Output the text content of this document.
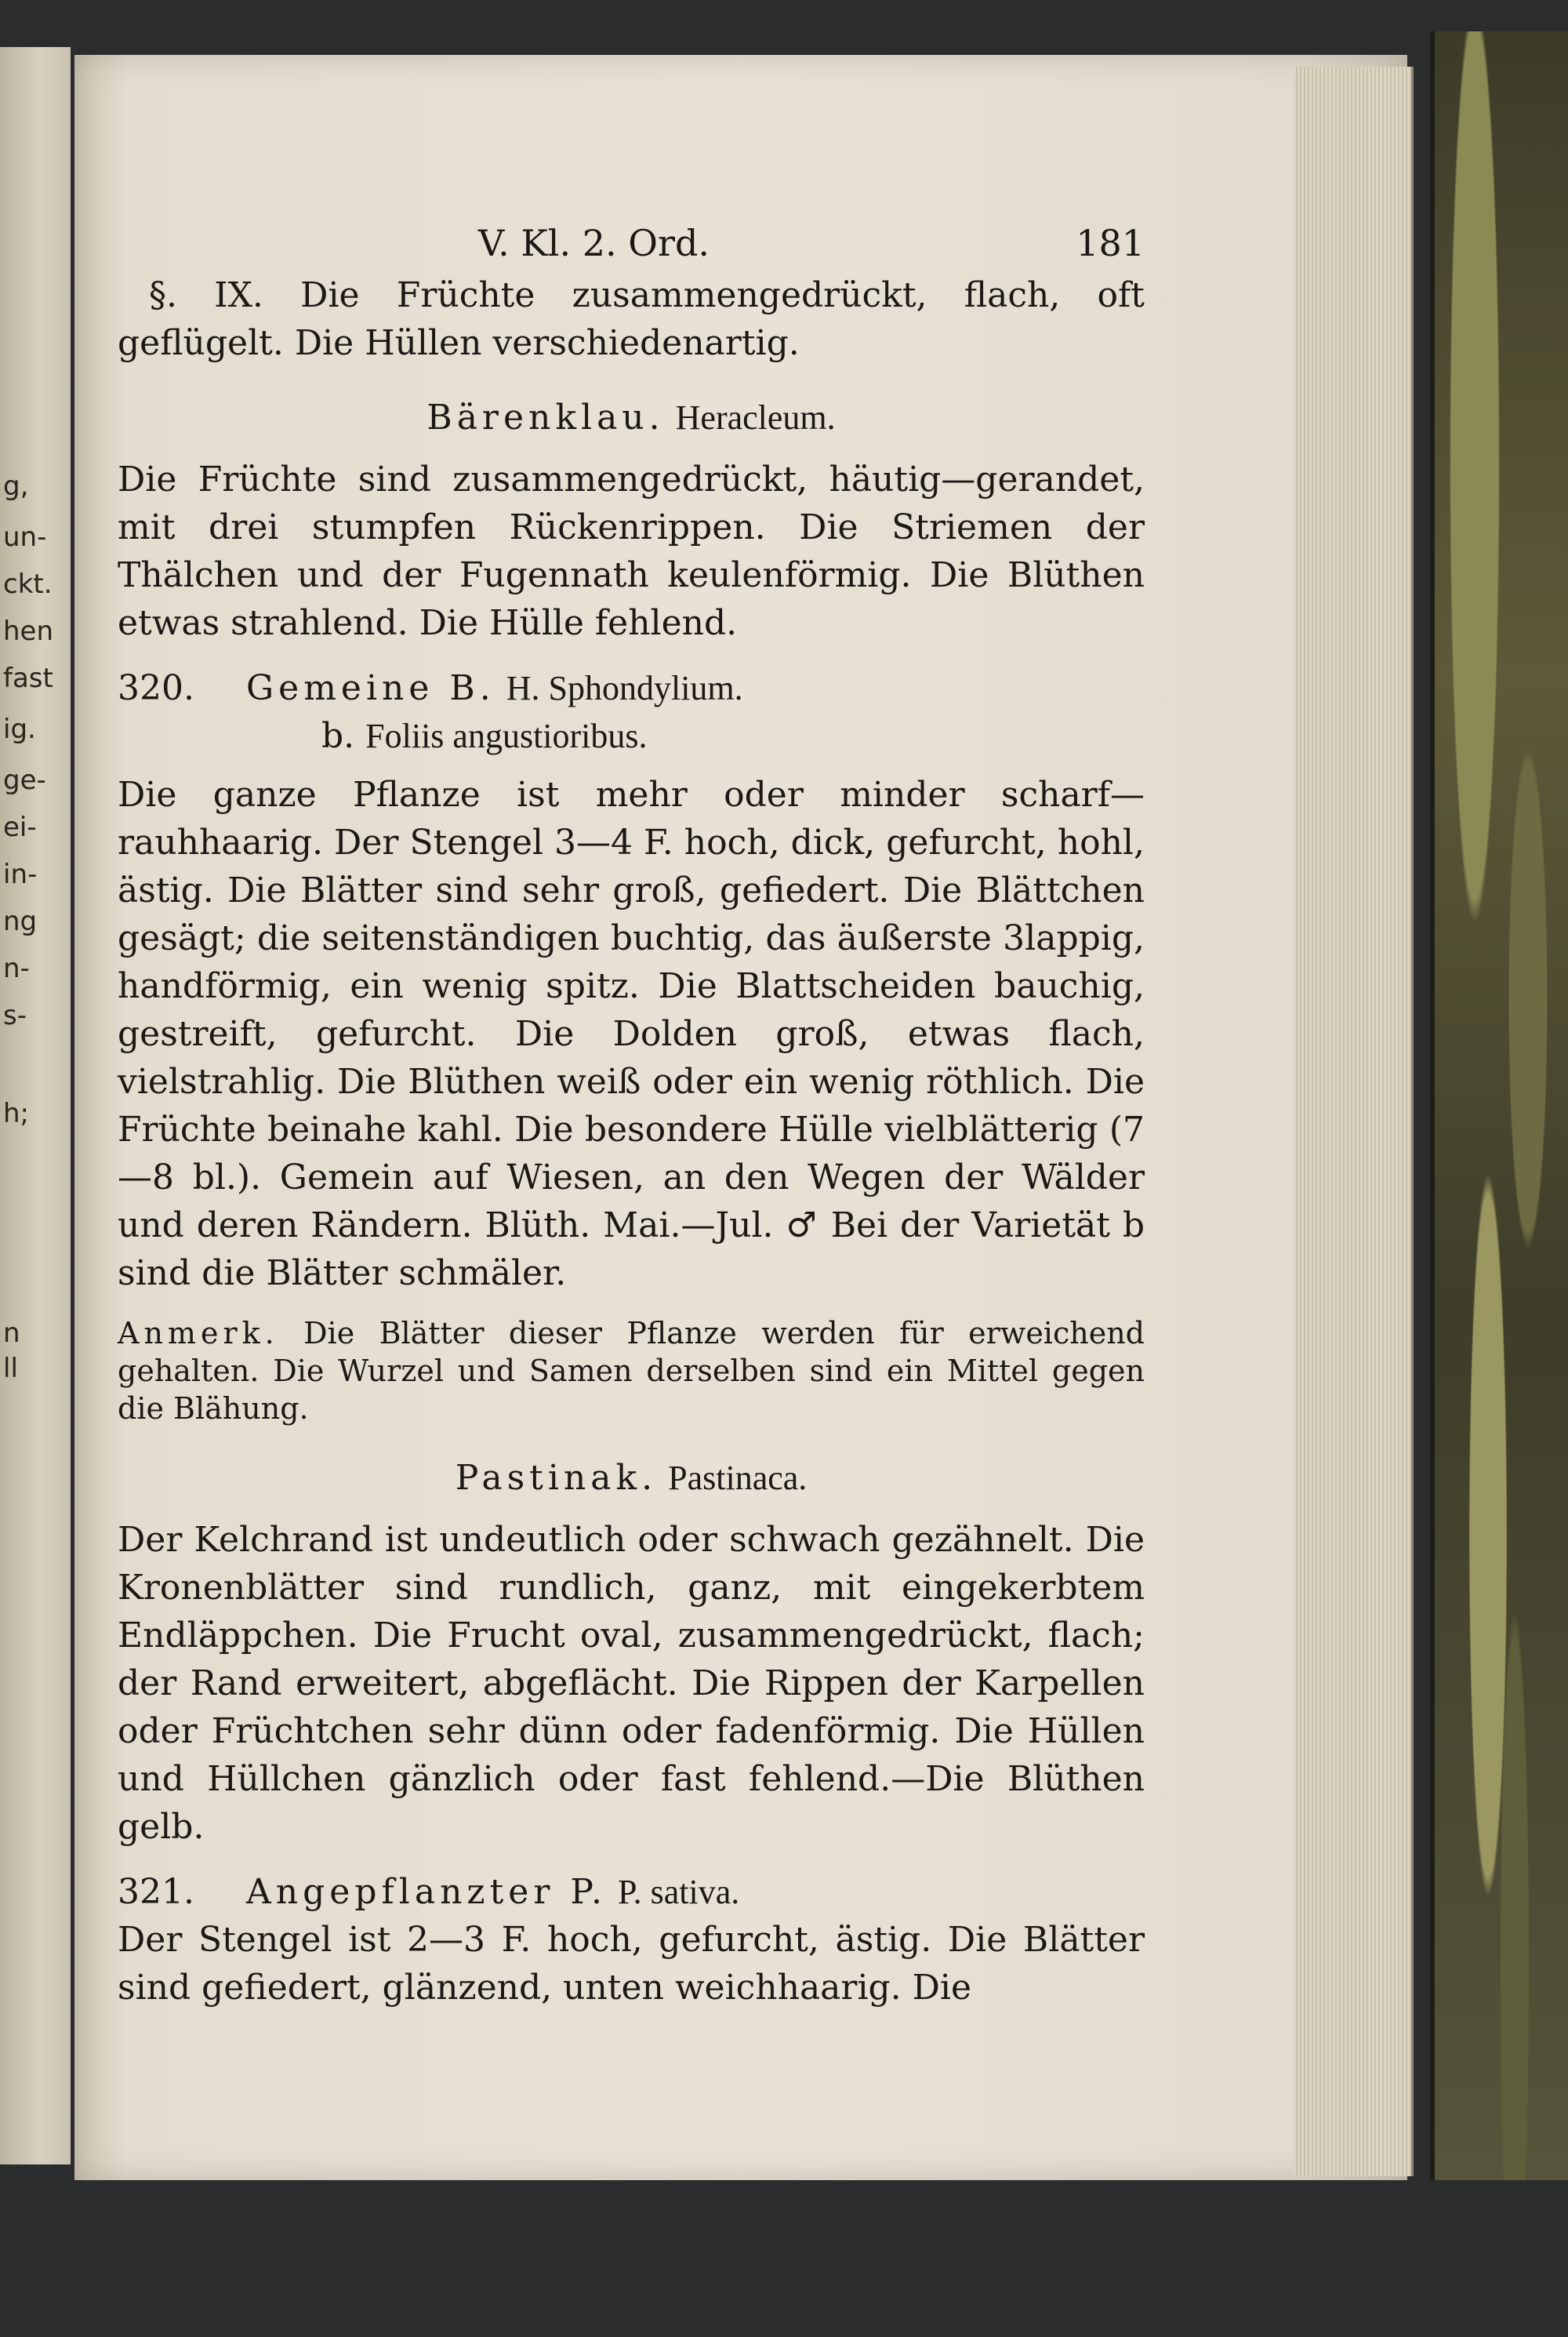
g,
un-
ckt.
hen
fast
ig.
ge-
ei-
in-
ng
n-
s-
h;
n
ll
V. Kl. 2. Ord.	181

§. IX. Die Früchte zusammengedrückt, flach, oft geflügelt. Die Hüllen verschiedenartig.

Bärenklau. Heracleum.

Die Früchte sind zusammengedrückt, häutig—gerandet, mit drei stumpfen Rückenrippen. Die Striemen der Thälchen und der Fugennath keulenförmig. Die Blüthen etwas strahlend. Die Hülle fehlend.

320. Gemeine B. H. Sphondylium.
b. Foliis angustioribus.

Die ganze Pflanze ist mehr oder minder scharf—rauhhaarig. Der Stengel 3—4 F. hoch, dick, gefurcht, hohl, ästig. Die Blätter sind sehr groß, gefiedert. Die Blättchen gesägt; die seitenständigen buchtig, das äußerste 3lappig, handförmig, ein wenig spitz. Die Blattscheiden bauchig, gestreift, gefurcht. Die Dolden groß, etwas flach, vielstrahlig. Die Blüthen weiß oder ein wenig röthlich. Die Früchte beinahe kahl. Die besondere Hülle vielblätterig (7—8 bl.). Gemein auf Wiesen, an den Wegen der Wälder und deren Rändern. Blüth. Mai.—Jul. ♂ Bei der Varietät b sind die Blätter schmäler.

Anmerk. Die Blätter dieser Pflanze werden für erweichend gehalten. Die Wurzel und Samen derselben sind ein Mittel gegen die Blähung.

Pastinak. Pastinaca.

Der Kelchrand ist undeutlich oder schwach gezähnelt. Die Kronenblätter sind rundlich, ganz, mit eingekerbtem Endläppchen. Die Frucht oval, zusammengedrückt, flach; der Rand erweitert, abgeflächt. Die Rippen der Karpellen oder Früchtchen sehr dünn oder fadenförmig. Die Hüllen und Hüllchen gänzlich oder fast fehlend.—Die Blüthen gelb.

321. Angepflanzter P. P. sativa.

Der Stengel ist 2—3 F. hoch, gefurcht, ästig. Die Blätter sind gefiedert, glänzend, unten weichhaarig. Die
